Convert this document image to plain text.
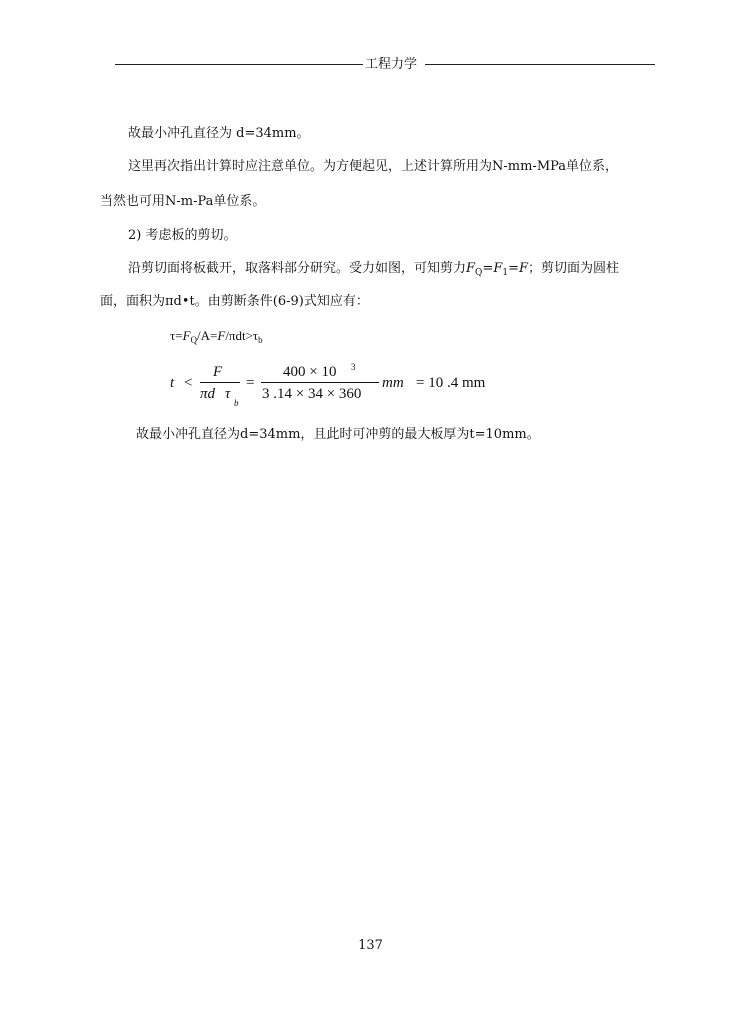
工程力学
故最小冲孔直径为 d=34mm。
这里再次指出计算时应注意单位。为方便起见，上述计算所用为N-mm-MPa单位系，
当然也可用N-m-Pa单位系。
2) 考虑板的剪切。
沿剪切面将板截开，取落料部分研究。受力如图，可知剪力$F_Q=F_1=F$；剪切面为圆柱
面，面积为πd•t。由剪断条件(6-9)式知应有：
$\tau=F_Q/A=F/\pi dt>\tau_b$
t <
F
πd τ
b
=
400 × 10 3
3 .14 × 34 × 360
mm = 10 .4 mm
故最小冲孔直径为d=34mm，且此时可冲剪的最大板厚为t=10mm。
137
